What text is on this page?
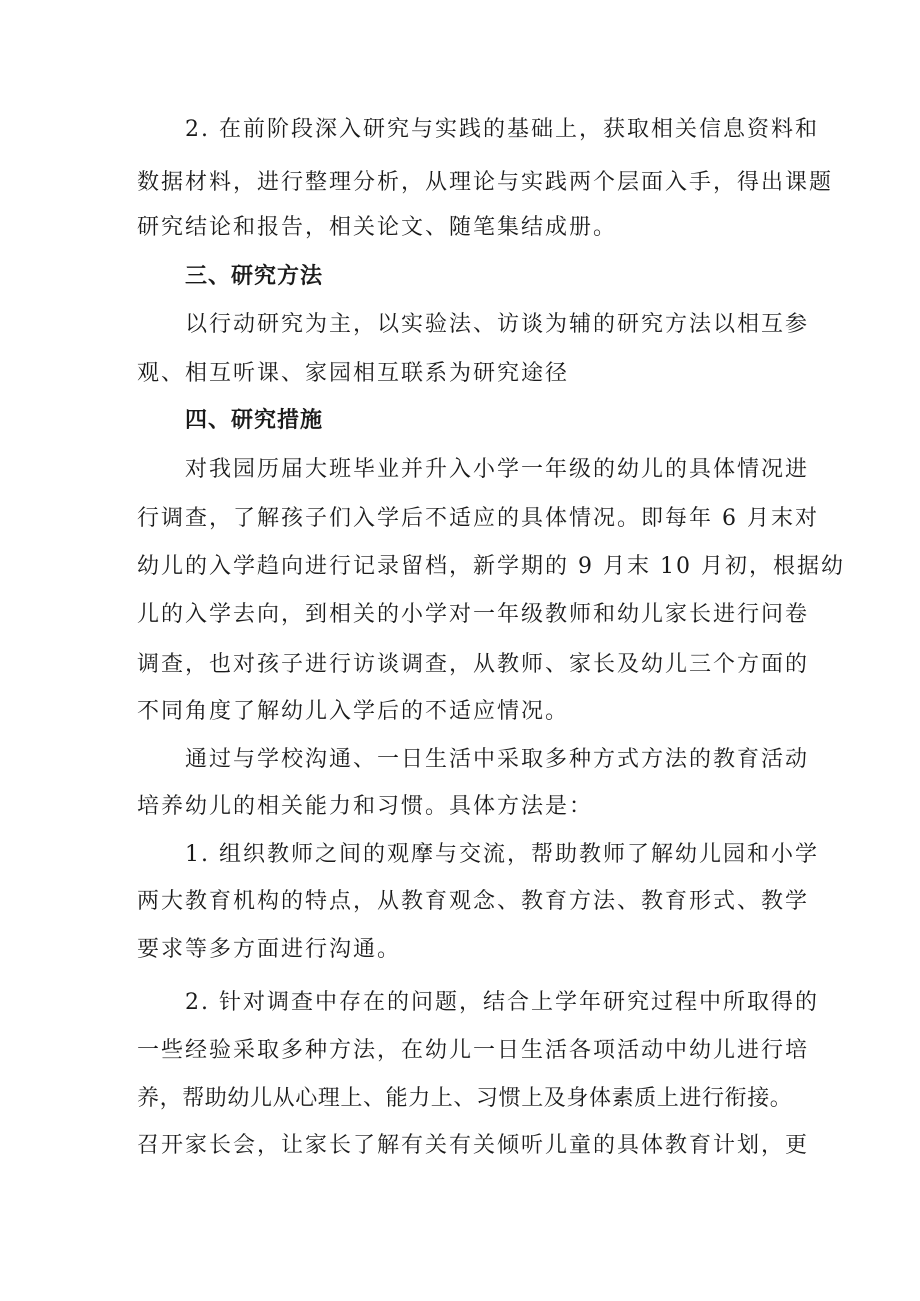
2. 在前阶段深入研究与实践的基础上，获取相关信息资料和
数据材料，进行整理分析，从理论与实践两个层面入手，得出课题
研究结论和报告，相关论文、随笔集结成册。
三、研究方法
以行动研究为主，以实验法、访谈为辅的研究方法以相互参
观、相互听课、家园相互联系为研究途径
四、研究措施
对我园历届大班毕业并升入小学一年级的幼儿的具体情况进
行调查，了解孩子们入学后不适应的具体情况。即每年 6 月末对
幼儿的入学趋向进行记录留档，新学期的 9 月末 10 月初，根据幼
儿的入学去向，到相关的小学对一年级教师和幼儿家长进行问卷
调查，也对孩子进行访谈调查，从教师、家长及幼儿三个方面的
不同角度了解幼儿入学后的不适应情况。
通过与学校沟通、一日生活中采取多种方式方法的教育活动
培养幼儿的相关能力和习惯。具体方法是：
1. 组织教师之间的观摩与交流，帮助教师了解幼儿园和小学
两大教育机构的特点，从教育观念、教育方法、教育形式、教学
要求等多方面进行沟通。
2. 针对调查中存在的问题，结合上学年研究过程中所取得的
一些经验采取多种方法，在幼儿一日生活各项活动中幼儿进行培
养，帮助幼儿从心理上、能力上、习惯上及身体素质上进行衔接。
召开家长会，让家长了解有关有关倾听儿童的具体教育计划，更
